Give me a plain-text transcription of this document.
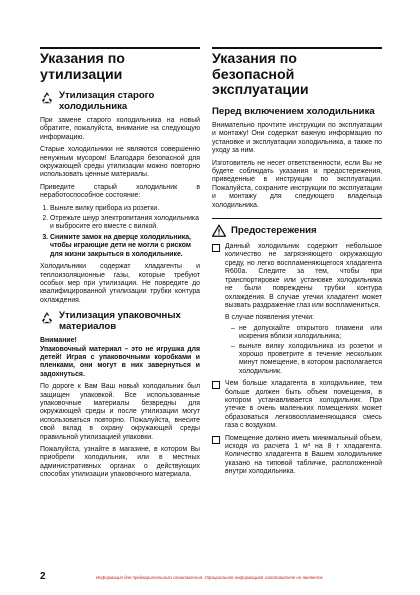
Указания по утилизации
Утилизация старого холодильника

При замене старого холодильника на новый обратите, пожалуйста, внимание на следующую информацию.

Старые холодильники не являются совершенно ненужным мусором! Благодаря безопасной для окружающей среды утилизации можно повторно использовать ценные материалы.

Приведите старый холодильник в неработоспособное состояние:

1. Выньте вилку прибора из розетки.
2. Отрежьте шнур электропитания холодильника и выбросите его вместе с вилкой.
3. Снимите замок на дверце холодильника, чтобы играющие дети не могли с риском для жизни закрыться в холодильнике.

Холодильники содержат хладагенты и теплоизоляционные газы, которые требуют особых мер при утилизации. Не повредите до квалифицированной утилизации трубки контура охлаждения.

Утилизация упаковочных материалов

Внимание!

Упаковочный материал – это не игрушка для детей! Играя с упаковочными коробками и пленками, они могут в них завернуться и задохнуться.

По дороге к Вам Ваш новый холодильник был защищен упаковкой. Все использованные упаковочные материалы безвредны для окружающей среды и после утилизации могут использоваться повторно. Пожалуйста, внесите свой вклад в охрану окружающей среды правильной утилизацией упаковки.

Пожалуйста, узнайте в магазине, в котором Вы приобрели холодильник, или в местных административных органах о действующих способах утилизации упаковочного материала.

Указания по безопасной эксплуатации
Перед включением холодильника

Внимательно прочтите инструкции по эксплуатации и монтажу! Они содержат важную информацию по установке и эксплуатации холодильника, а также по уходу за ним.

Изготовитель не несет ответственности, если Вы не будете соблюдать указания и предостережения, приведенные в инструкции по эксплуатации. Пожалуйста, сохраните инструкции по эксплуатации и монтажу для следующего владельца холодильника.

Предостережения
Данный холодильник содержит небольшое количество не загрязняющего окружающую среду, но легко воспламеняющегося хладагента R600a. Следите за тем, чтобы при транспортировке или установке холодильника не были повреждены трубки контура охлаждения. В случае утечки хладагент может вызвать раздражение глаз или воспламениться.
В случае появления утечки:
– не допускайте открытого пламени или искрения вблизи холодильника;
– выньте вилку холодильника из розетки и хорошо проветрите в течение нескольких минут помещение, в котором располагается холодильник.
Чем больше хладагента в холодильнике, тем больше должен быть объем помещения, в котором устанавливается холодильник. При утечке в очень маленьких помещениях может образоваться легковоспламеняющаяся смесь газа с воздухом.
Помещение должно иметь минимальный объем, исходя из расчета 1 м³ на 8 г хладагента. Количество хладагента в Вашем холодильнике указано на типовой табличке, расположенной внутри холодильника.
2	Информация для предварительного ознакомления. Официальной информацией изготовителя не является.
